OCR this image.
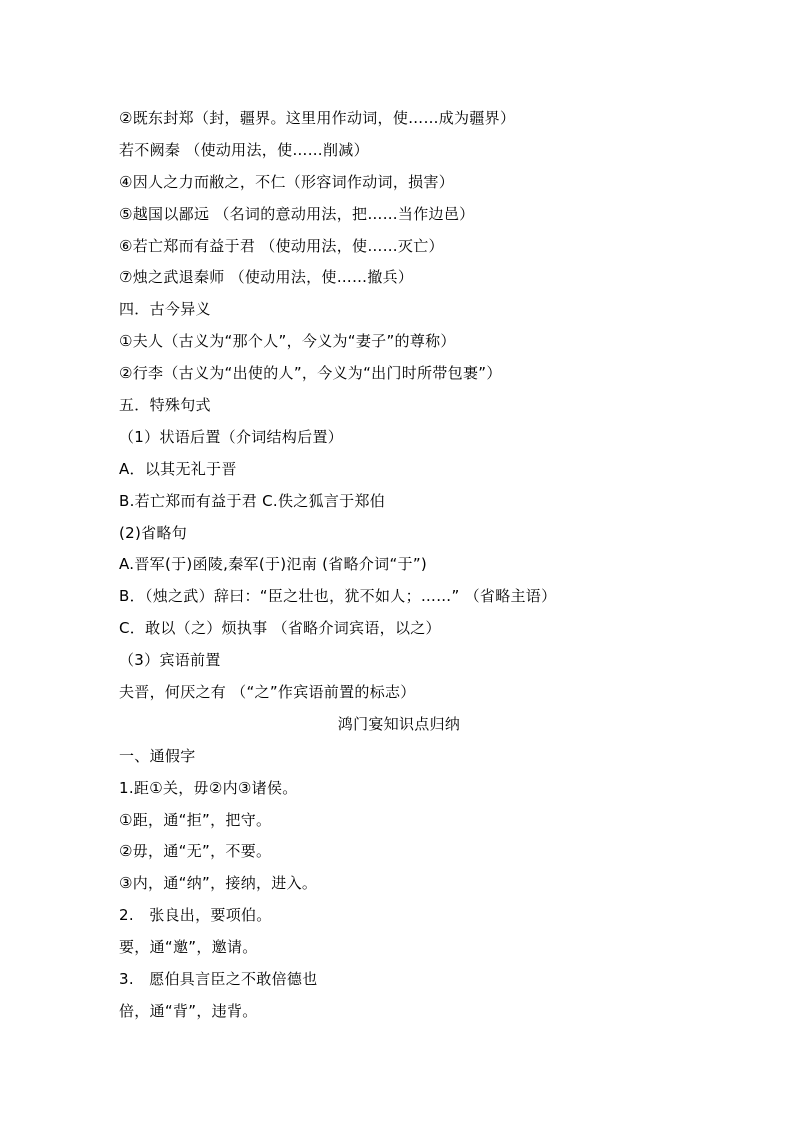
②既东封郑（封，疆界。这里用作动词，使……成为疆界）
若不阙秦 （使动用法，使……削减）
④因人之力而敝之，不仁（形容词作动词，损害）
⑤越国以鄙远 （名词的意动用法，把……当作边邑）
⑥若亡郑而有益于君 （使动用法，使……灭亡）
⑦烛之武退秦师 （使动用法，使……撤兵）
四．古今异义
①夫人（古义为“那个人”，今义为“妻子”的尊称）
②行李（古义为“出使的人”，今义为“出门时所带包裹”）
五．特殊句式
（1）状语后置（介词结构后置）
A．以其无礼于晋
B.若亡郑而有益于君 C.佚之狐言于郑伯
(2)省略句
A.晋军(于)函陵,秦军(于)氾南 (省略介词“于”)
B．（烛之武）辞曰：“臣之壮也，犹不如人；……” （省略主语）
C．敢以（之）烦执事 （省略介词宾语，以之）
（3）宾语前置
夫晋，何厌之有 （“之”作宾语前置的标志）
鸿门宴知识点归纳
一、通假字
1.距①关，毋②内③诸侯。
①距，通“拒”，把守。
②毋，通“无”，不要。
③内，通“纳”，接纳，进入。
2.　张良出，要项伯。
要，通“邀”，邀请。
3.　愿伯具言臣之不敢倍德也
倍，通“背”，违背。
